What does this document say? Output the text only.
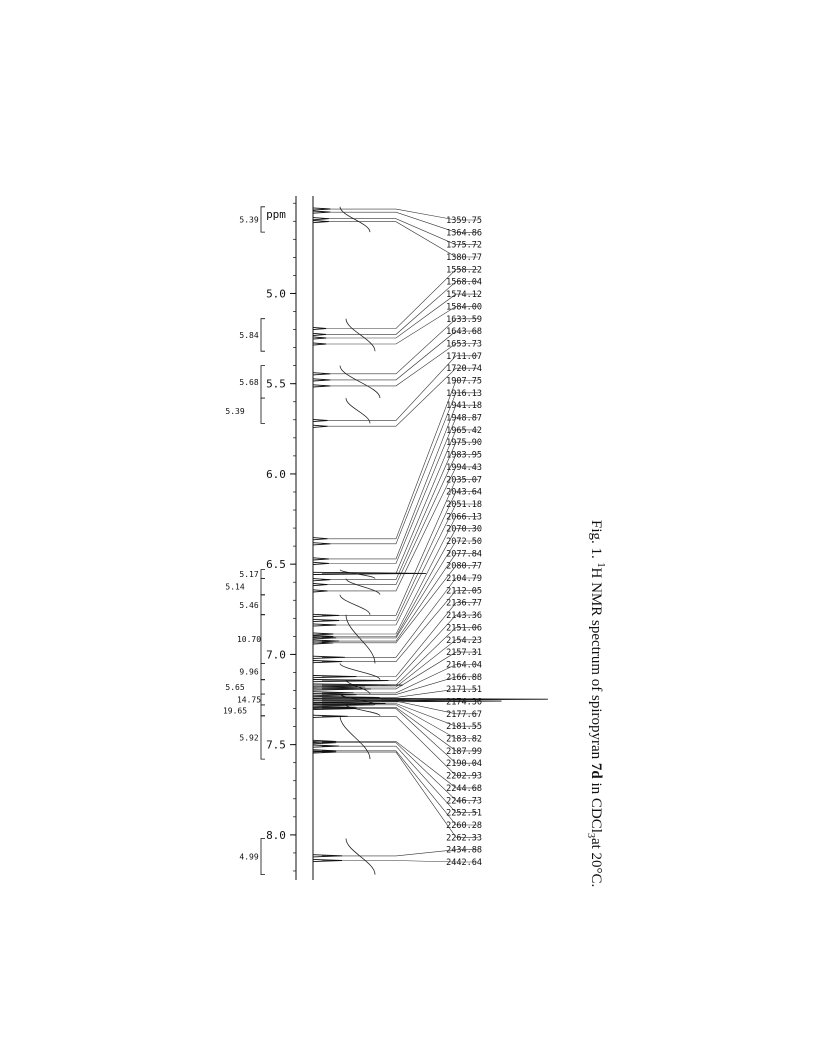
1359.75
1364.86
1375.72
1380.77
1558.22
1568.04
1574.12
1584.00
1633.59
1643.68
1653.73
1711.07
1720.74
1907.75
1916.13
1941.18
1948.87
1965.42
1975.90
1983.95
1994.43
2035.07
2043.64
2051.18
2066.13
2070.30
2072.50
2077.84
2080.77
2104.79
2112.05
2136.77
2143.36
2151.06
2154.23
2157.31
2164.04
2166.88
2171.51
2174.36
2177.67
2181.55
2183.82
2187.99
2190.04
2202.93
2244.68
2246.73
2252.51
2260.28
2262.33
2434.88
2442.64
5.0
5.5
6.0
6.5
7.0
7.5
8.0
ppm
5.39
5.84
5.68
5.39
5.17
5.14
5.46
10.70
9.96
5.65
14.75
19.65
5.92
4.99
Fig. 1. $^1$H NMR spectrum of spiropyran 7d in CDCl$_3$at 20°C.
